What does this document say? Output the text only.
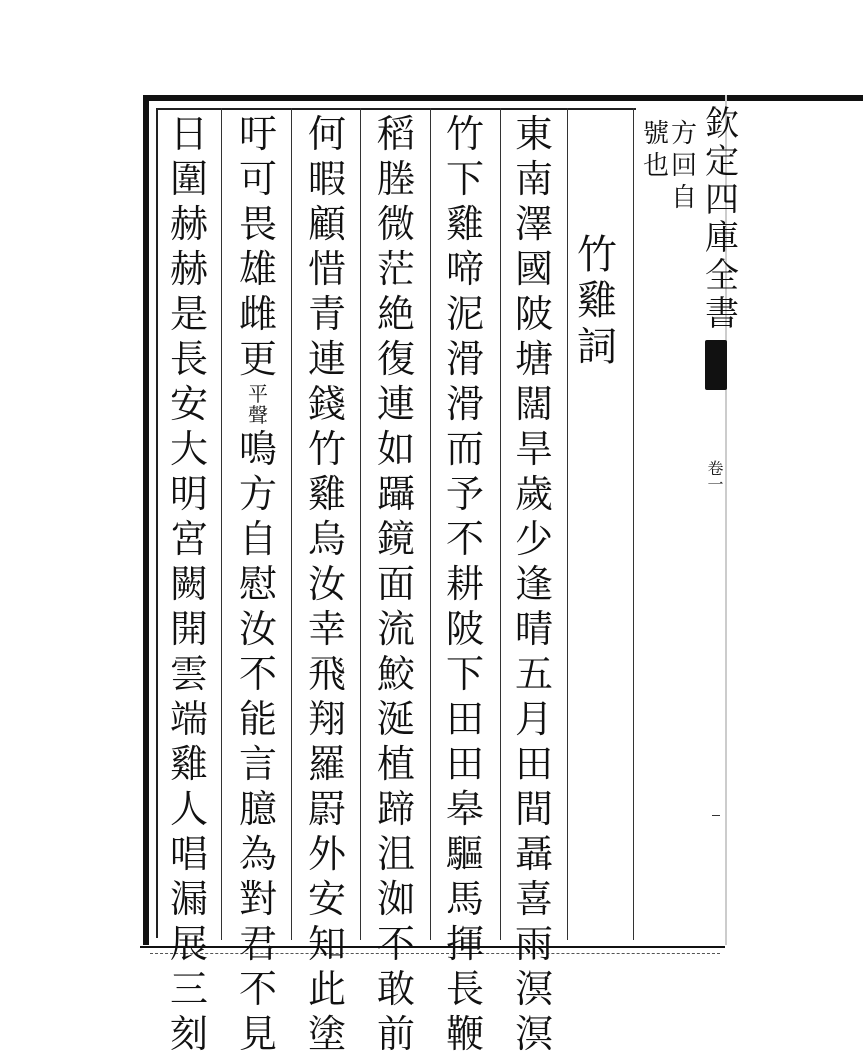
欽
定
四
庫
全
書
卷一
方
回
自
號
也
竹
雞
詞
東
南
澤
國
陂
塘
闊
旱
歲
少
逢
晴
五
月
田
間
聶
喜
雨
溟
溟
竹
下
雞
啼
泥
滑
滑
而
予
不
耕
陂
下
田
田
皋
驅
馬
揮
長
鞭
稻
塍
微
茫
絶
復
連
如
躡
鏡
面
流
鮫
涎
植
蹄
沮
洳
不
敢
前
何
暇
顧
惜
青
連
錢
竹
雞
烏
汝
幸
飛
翔
羅
罻
外
安
知
此
塗
吁
可
畏
雄
雌
更
平
聲
鳴
方
自
慰
汝
不
能
言
臆
為
對
君
不
見
日
圍
赫
赫
是
長
安
大
明
宮
闕
開
雲
端
雞
人
唱
漏
展
三
刻
